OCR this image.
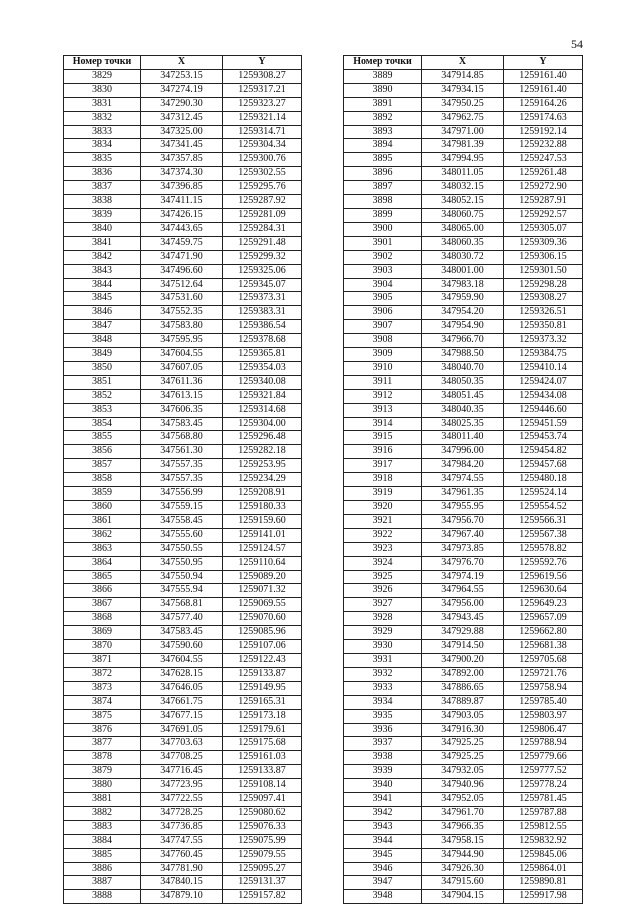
54
Номер точки	X	Y
3829	347253.15	1259308.27
3830	347274.19	1259317.21
3831	347290.30	1259323.27
3832	347312.45	1259321.14
3833	347325.00	1259314.71
3834	347341.45	1259304.34
3835	347357.85	1259300.76
3836	347374.30	1259302.55
3837	347396.85	1259295.76
3838	347411.15	1259287.92
3839	347426.15	1259281.09
3840	347443.65	1259284.31
3841	347459.75	1259291.48
3842	347471.90	1259299.32
3843	347496.60	1259325.06
3844	347512.64	1259345.07
3845	347531.60	1259373.31
3846	347552.35	1259383.31
3847	347583.80	1259386.54
3848	347595.95	1259378.68
3849	347604.55	1259365.81
3850	347607.05	1259354.03
3851	347611.36	1259340.08
3852	347613.15	1259321.84
3853	347606.35	1259314.68
3854	347583.45	1259304.00
3855	347568.80	1259296.48
3856	347561.30	1259282.18
3857	347557.35	1259253.95
3858	347557.35	1259234.29
3859	347556.99	1259208.91
3860	347559.15	1259180.33
3861	347558.45	1259159.60
3862	347555.60	1259141.01
3863	347550.55	1259124.57
3864	347550.95	1259110.64
3865	347550.94	1259089.20
3866	347555.94	1259071.32
3867	347568.81	1259069.55
3868	347577.40	1259070.60
3869	347583.45	1259085.96
3870	347590.60	1259107.06
3871	347604.55	1259122.43
3872	347628.15	1259133.87
3873	347646.05	1259149.95
3874	347661.75	1259165.31
3875	347677.15	1259173.18
3876	347691.05	1259179.61
3877	347703.63	1259175.68
3878	347708.25	1259161.03
3879	347716.45	1259133.87
3880	347723.95	1259108.14
3881	347722.55	1259097.41
3882	347728.25	1259080.62
3883	347736.85	1259076.33
3884	347747.55	1259075.99
3885	347760.45	1259079.55
3886	347781.90	1259095.27
3887	347840.15	1259131.37
3888	347879.10	1259157.82
Номер точки	X	Y
3889	347914.85	1259161.40
3890	347934.15	1259161.40
3891	347950.25	1259164.26
3892	347962.75	1259174.63
3893	347971.00	1259192.14
3894	347981.39	1259232.88
3895	347994.95	1259247.53
3896	348011.05	1259261.48
3897	348032.15	1259272.90
3898	348052.15	1259287.91
3899	348060.75	1259292.57
3900	348065.00	1259305.07
3901	348060.35	1259309.36
3902	348030.72	1259306.15
3903	348001.00	1259301.50
3904	347983.18	1259298.28
3905	347959.90	1259308.27
3906	347954.20	1259326.51
3907	347954.90	1259350.81
3908	347966.70	1259373.32
3909	347988.50	1259384.75
3910	348040.70	1259410.14
3911	348050.35	1259424.07
3912	348051.45	1259434.08
3913	348040.35	1259446.60
3914	348025.35	1259451.59
3915	348011.40	1259453.74
3916	347996.00	1259454.82
3917	347984.20	1259457.68
3918	347974.55	1259480.18
3919	347961.35	1259524.14
3920	347955.95	1259554.52
3921	347956.70	1259566.31
3922	347967.40	1259567.38
3923	347973.85	1259578.82
3924	347976.70	1259592.76
3925	347974.19	1259619.56
3926	347964.55	1259630.64
3927	347956.00	1259649.23
3928	347943.45	1259657.09
3929	347929.88	1259662.80
3930	347914.50	1259681.38
3931	347900.20	1259705.68
3932	347892.00	1259721.76
3933	347886.65	1259758.94
3934	347889.87	1259785.40
3935	347903.05	1259803.97
3936	347916.30	1259806.47
3937	347925.25	1259788.94
3938	347925.25	1259779.66
3939	347932.05	1259777.52
3940	347940.96	1259778.24
3941	347952.05	1259781.45
3942	347961.70	1259787.88
3943	347966.35	1259812.55
3944	347958.15	1259832.92
3945	347944.90	1259845.06
3946	347926.30	1259864.01
3947	347915.60	1259890.81
3948	347904.15	1259917.98
